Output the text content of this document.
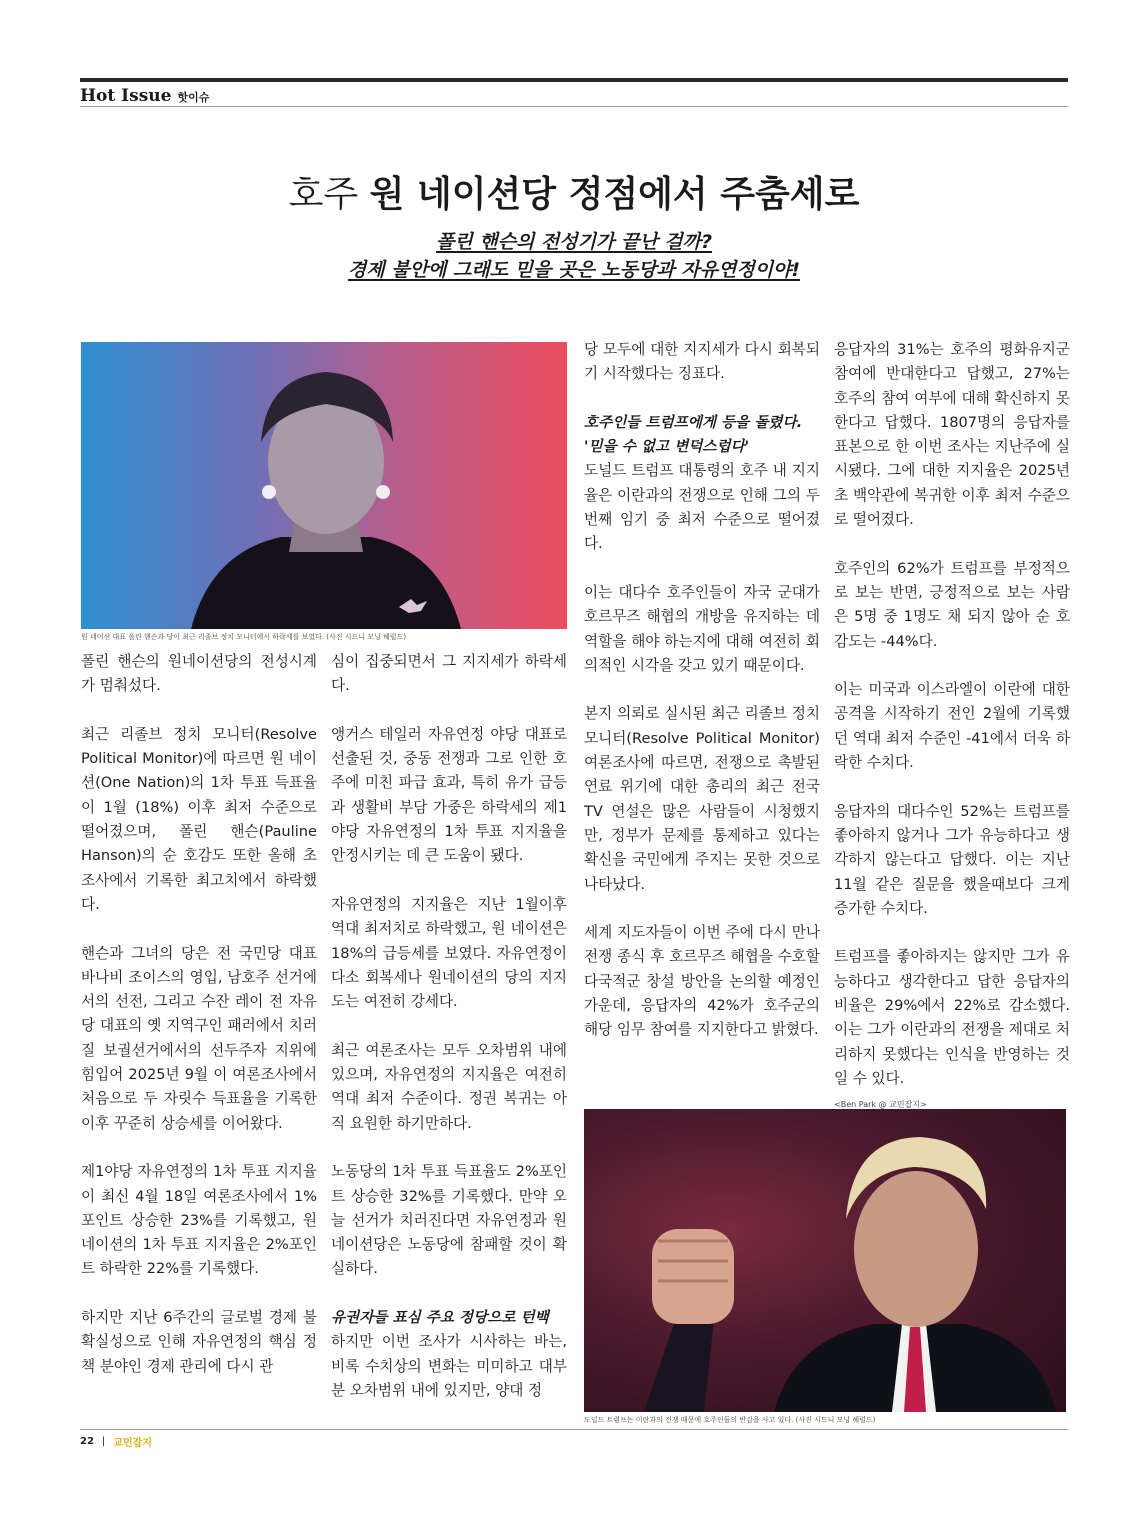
Hot Issue 핫이슈
호주 원 네이션당 정점에서 주춤세로
폴린 핸슨의 전성기가 끝난 걸까?
경제 불안에 그래도 믿을 곳은 노동당과 자유연정이야!
원 네이션 대표 폴린 핸슨과 당이 최근 리졸브 정치 모니터에서 하락세를 보였다. (사진 시드니 모닝 헤럴드)

폴린 핸슨의 원네이션당의 전성시계가 멈춰섰다.

최근 리졸브 정치 모니터(Resolve Political Monitor)에 따르면 원 네이션(One Nation)의 1차 투표 득표율이 1월 (18%) 이후 최저 수준으로 떨어졌으며, 폴린 핸슨(Pauline Hanson)의 순 호감도 또한 올해 초 조사에서 기록한 최고치에서 하락했다.

핸슨과 그녀의 당은 전 국민당 대표 바나비 조이스의 영입, 남호주 선거에서의 선전, 그리고 수잔 레이 전 자유당 대표의 옛 지역구인 패러에서 치러질 보궐선거에서의 선두주자 지위에 힘입어 2025년 9월 이 여론조사에서 처음으로 두 자릿수 득표율을 기록한 이후 꾸준히 상승세를 이어왔다.

제1야당 자유연정의 1차 투표 지지율이 최신 4월 18일 여론조사에서 1%포인트 상승한 23%를 기록했고, 원 네이션의 1차 투표 지지율은 2%포인트 하락한 22%를 기록했다.

하지만 지난 6주간의 글로벌 경제 불확실성으로 인해 자유연정의 핵심 정책 분야인 경제 관리에 다시 관

심이 집중되면서 그 지지세가 하락세다.

앵거스 테일러 자유연정 야당 대표로 선출된 것, 중동 전쟁과 그로 인한 호주에 미친 파급 효과, 특히 유가 급등과 생활비 부담 가중은 하락세의 제1야당 자유연정의 1차 투표 지지율을 안정시키는 데 큰 도움이 됐다.

자유연정의 지지율은 지난 1월이후 역대 최저치로 하락했고, 원 네이션은 18%의 급등세를 보였다. 자유연정이 다소 회복세나 원네이션의 당의 지지도는 여전히 강세다.

최근 여론조사는 모두 오차범위 내에 있으며, 자유연정의 지지율은 여전히 역대 최저 수준이다. 정권 복귀는 아직 요원한 하기만하다.

노동당의 1차 투표 득표율도 2%포인트 상승한 32%를 기록했다. 만약 오늘 선거가 치러진다면 자유연정과 원 네이션당은 노동당에 참패할 것이 확실하다.

유권자들 표심 주요 정당으로 턴백

하지만 이번 조사가 시사하는 바는, 비록 수치상의 변화는 미미하고 대부분 오차범위 내에 있지만, 양대 정

당 모두에 대한 지지세가 다시 회복되기 시작했다는 징표다.

호주인들 트럼프에게 등을 돌렸다.
'믿을 수 없고 변덕스럽다'

도널드 트럼프 대통령의 호주 내 지지율은 이란과의 전쟁으로 인해 그의 두 번째 임기 중 최저 수준으로 떨어졌다.

이는 대다수 호주인들이 자국 군대가 호르무즈 해협의 개방을 유지하는 데 역할을 해야 하는지에 대해 여전히 회의적인 시각을 갖고 있기 때문이다.

본지 의뢰로 실시된 최근 리졸브 정치 모니터(Resolve Political Monitor) 여론조사에 따르면, 전쟁으로 촉발된 연료 위기에 대한 총리의 최근 전국 TV 연설은 많은 사람들이 시청했지만, 정부가 문제를 통제하고 있다는 확신을 국민에게 주지는 못한 것으로 나타났다.

세계 지도자들이 이번 주에 다시 만나 전쟁 종식 후 호르무즈 해협을 수호할 다국적군 창설 방안을 논의할 예정인 가운데, 응답자의 42%가 호주군의 해당 임무 참여를 지지한다고 밝혔다.

응답자의 31%는 호주의 평화유지군 참여에 반대한다고 답했고, 27%는 호주의 참여 여부에 대해 확신하지 못한다고 답했다. 1807명의 응답자를 표본으로 한 이번 조사는 지난주에 실시됐다. 그에 대한 지지율은 2025년 초 백악관에 복귀한 이후 최저 수준으로 떨어졌다.

호주인의 62%가 트럼프를 부정적으로 보는 반면, 긍정적으로 보는 사람은 5명 중 1명도 채 되지 않아 순 호감도는 -44%다.

이는 미국과 이스라엘이 이란에 대한 공격을 시작하기 전인 2월에 기록했던 역대 최저 수준인 -41에서 더욱 하락한 수치다.

응답자의 대다수인 52%는 트럼프를 좋아하지 않거나 그가 유능하다고 생각하지 않는다고 답했다. 이는 지난 11월 같은 질문을 했을때보다 크게 증가한 수치다.

트럼프를 좋아하지는 않지만 그가 유능하다고 생각한다고 답한 응답자의 비율은 29%에서 22%로 감소했다. 이는 그가 이란과의 전쟁을 제대로 처리하지 못했다는 인식을 반영하는 것일 수 있다.

<Ben Park @ 교민잡지>
도널드 트럼프는 이란과의 전쟁 때문에 호주인들의 반감을 사고 있다. (사진 시드니 모닝 헤럴드)
22 | 교민잡지
